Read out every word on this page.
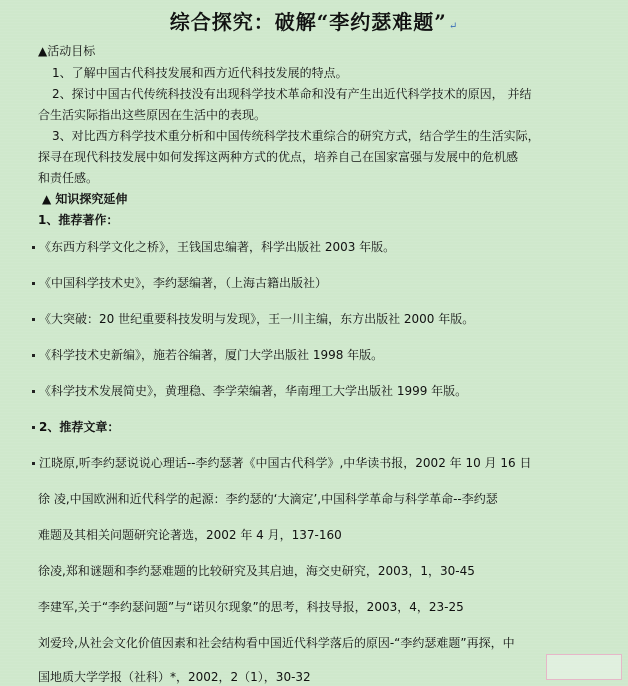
综合探究：破解“李约瑟难题” ↵
▲活动目标
1、了解中国古代科技发展和西方近代科技发展的特点。
2、探讨中国古代传统科技没有出现科学技术革命和没有产生出近代科学技术的原因， 并结
合生活实际指出这些原因在生活中的表现。
3、对比西方科学技术重分析和中国传统科学技术重综合的研究方式，结合学生的生活实际，
探寻在现代科技发展中如何发挥这两种方式的优点，培养自己在国家富强与发展中的危机感
和责任感。
▲ 知识探究延伸
1、推荐著作：
《东西方科学文化之桥》，王钱国忠编著，科学出版社 2003 年版。
《中国科学技术史》，李约瑟编著，（上海古籍出版社）
《大突破：20 世纪重要科技发明与发现》，王一川主编，东方出版社 2000 年版。
《科学技术史新编》，施若谷编著，厦门大学出版社 1998 年版。
《科学技术发展简史》，黄理稳、李学荣编著，华南理工大学出版社 1999 年版。
2、推荐文章：
江晓原,听李约瑟说说心理话--李约瑟著《中国古代科学》,中华读书报，2002 年 10 月 16 日
徐 凌,中国欧洲和近代科学的起源：李约瑟的‘大滴定’,中国科学革命与科学革命--李约瑟
难题及其相关问题研究论著选，2002 年 4 月，137-160
徐凌,郑和谜题和李约瑟难题的比较研究及其启迪，海交史研究，2003，1，30-45
李建军,关于“李约瑟问题”与“诺贝尔现象”的思考，科技导报，2003，4，23-25
刘爱玲,从社会文化价值因素和社会结构看中国近代科学落后的原因-“李约瑟难题”再探，中
国地质大学学报（社科）*，2002，2（1），30-32
